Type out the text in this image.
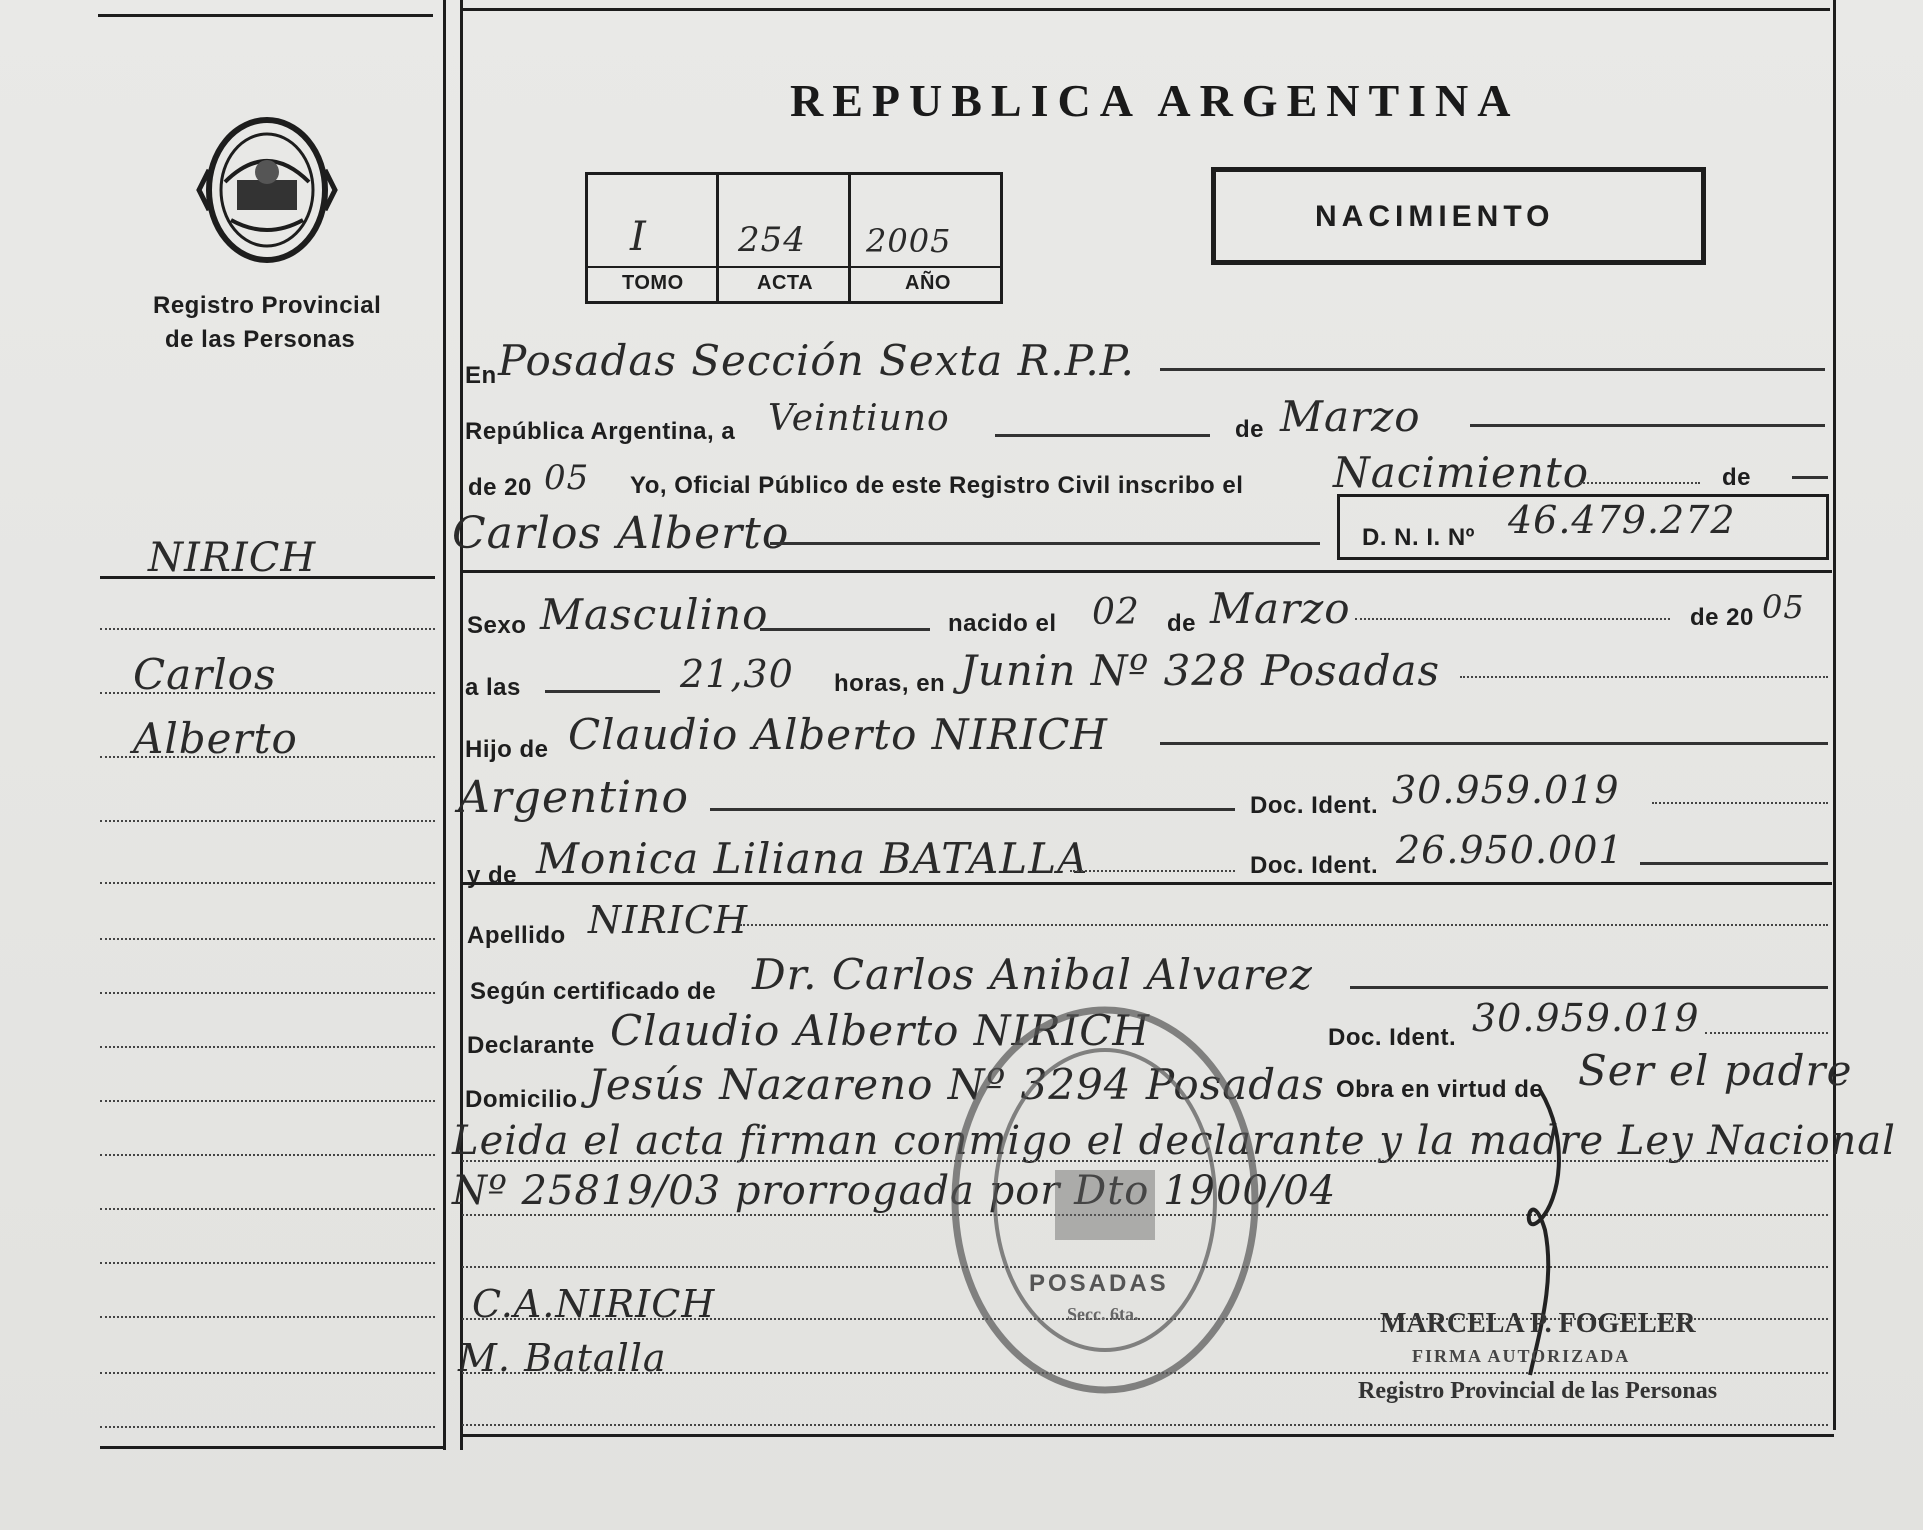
Registro Provincial
de las Personas
NIRICH
Carlos
Alberto
REPUBLICA ARGENTINA
I	254 2005
TOMO	ACTA	AÑO
NACIMIENTO
En Posadas Sección Sexta R.P.P.
República Argentina, a Veintiuno	de Marzo
de 20 05 Yo, Oficial Público de este Registro Civil inscribo el Nacimiento	de
Carlos Alberto	D. N. I. Nº 46.479.272
Sexo Masculino	nacido el 02 de Marzo	de 20 05
a las	21,30 horas, en Junin Nº 328 Posadas
Hijo de Claudio Alberto NIRICH
Argentino	Doc. Ident. 30.959.019
y de Monica Liliana BATALLA	Doc. Ident. 26.950.001
Apellido NIRICH
Según certificado de Dr. Carlos Anibal Alvarez
Declarante Claudio Alberto NIRICH	Doc. Ident. 30.959.019
Domicilio Jesús Nazareno Nº 3294 Posadas Obra en virtud de Ser el padre
Leida el acta firman conmigo el declarante y la madre Ley Nacional
Nº 25819/03 prorrogada por Dto 1900/04
POSADAS
Secc. 6ta.
C.A.NIRICH
M. Batalla
MARCELA P. FOGELER
FIRMA AUTORIZADA
Registro Provincial de las Personas
